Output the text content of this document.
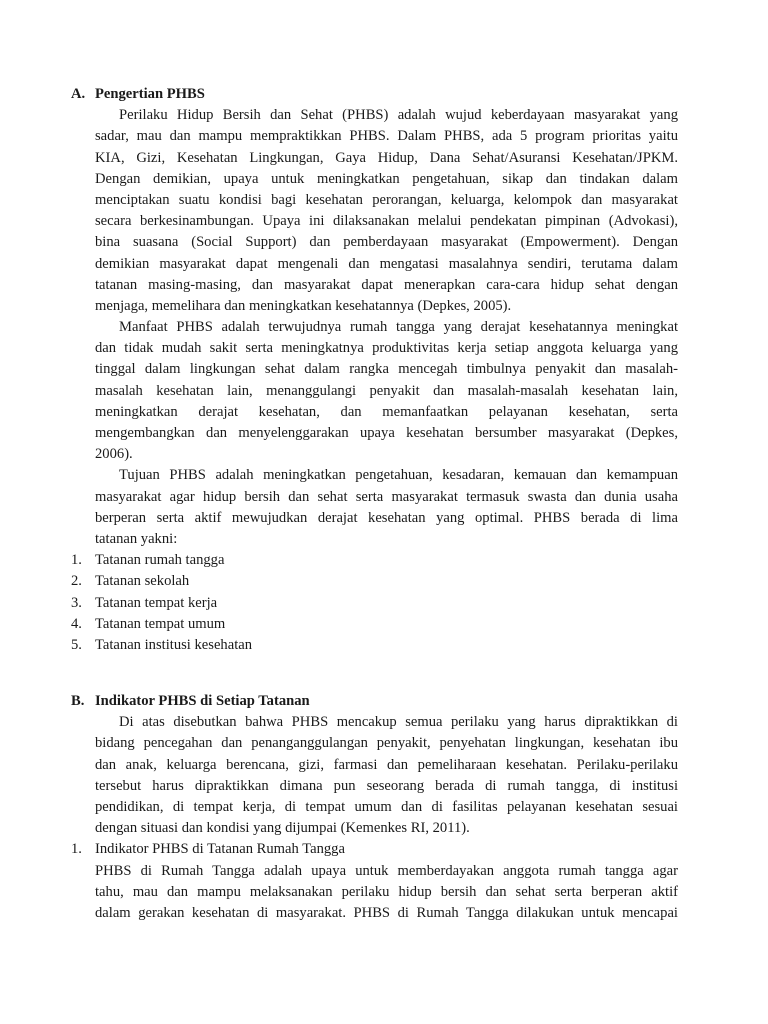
A. Pengertian PHBS
Perilaku Hidup Bersih dan Sehat (PHBS) adalah wujud keberdayaan masyarakat yang
sadar, mau dan mampu mempraktikkan PHBS. Dalam PHBS, ada 5 program prioritas yaitu
KIA, Gizi, Kesehatan Lingkungan, Gaya Hidup, Dana Sehat/Asuransi Kesehatan/JPKM.
Dengan demikian, upaya untuk meningkatkan pengetahuan, sikap dan tindakan dalam
menciptakan suatu kondisi bagi kesehatan perorangan, keluarga, kelompok dan masyarakat
secara berkesinambungan. Upaya ini dilaksanakan melalui pendekatan pimpinan (Advokasi),
bina suasana (Social Support) dan pemberdayaan masyarakat (Empowerment). Dengan
demikian masyarakat dapat mengenali dan mengatasi masalahnya sendiri, terutama dalam
tatanan masing-masing, dan masyarakat dapat menerapkan cara-cara hidup sehat dengan
menjaga, memelihara dan meningkatkan kesehatannya (Depkes, 2005).
Manfaat PHBS adalah terwujudnya rumah tangga yang derajat kesehatannya meningkat
dan tidak mudah sakit serta meningkatnya produktivitas kerja setiap anggota keluarga yang
tinggal dalam lingkungan sehat dalam rangka mencegah timbulnya penyakit dan masalah-
masalah kesehatan lain, menanggulangi penyakit dan masalah-masalah kesehatan lain,
meningkatkan derajat kesehatan, dan memanfaatkan pelayanan kesehatan, serta
mengembangkan dan menyelenggarakan upaya kesehatan bersumber masyarakat (Depkes,
2006).
Tujuan PHBS adalah meningkatkan pengetahuan, kesadaran, kemauan dan kemampuan
masyarakat agar hidup bersih dan sehat serta masyarakat termasuk swasta dan dunia usaha
berperan serta aktif mewujudkan derajat kesehatan yang optimal. PHBS berada di lima
tatanan yakni:
1. Tatanan rumah tangga
2. Tatanan sekolah
3. Tatanan tempat kerja
4. Tatanan tempat umum
5. Tatanan institusi kesehatan
B. Indikator PHBS di Setiap Tatanan
Di atas disebutkan bahwa PHBS mencakup semua perilaku yang harus dipraktikkan di
bidang pencegahan dan penanganggulangan penyakit, penyehatan lingkungan, kesehatan ibu
dan anak, keluarga berencana, gizi, farmasi dan pemeliharaan kesehatan. Perilaku-perilaku
tersebut harus dipraktikkan dimana pun seseorang berada di rumah tangga, di institusi
pendidikan, di tempat kerja, di tempat umum dan di fasilitas pelayanan kesehatan sesuai
dengan situasi dan kondisi yang dijumpai (Kemenkes RI, 2011).
1. Indikator PHBS di Tatanan Rumah Tangga
PHBS di Rumah Tangga adalah upaya untuk memberdayakan anggota rumah tangga agar
tahu, mau dan mampu melaksanakan perilaku hidup bersih dan sehat serta berperan aktif
dalam gerakan kesehatan di masyarakat. PHBS di Rumah Tangga dilakukan untuk mencapai
